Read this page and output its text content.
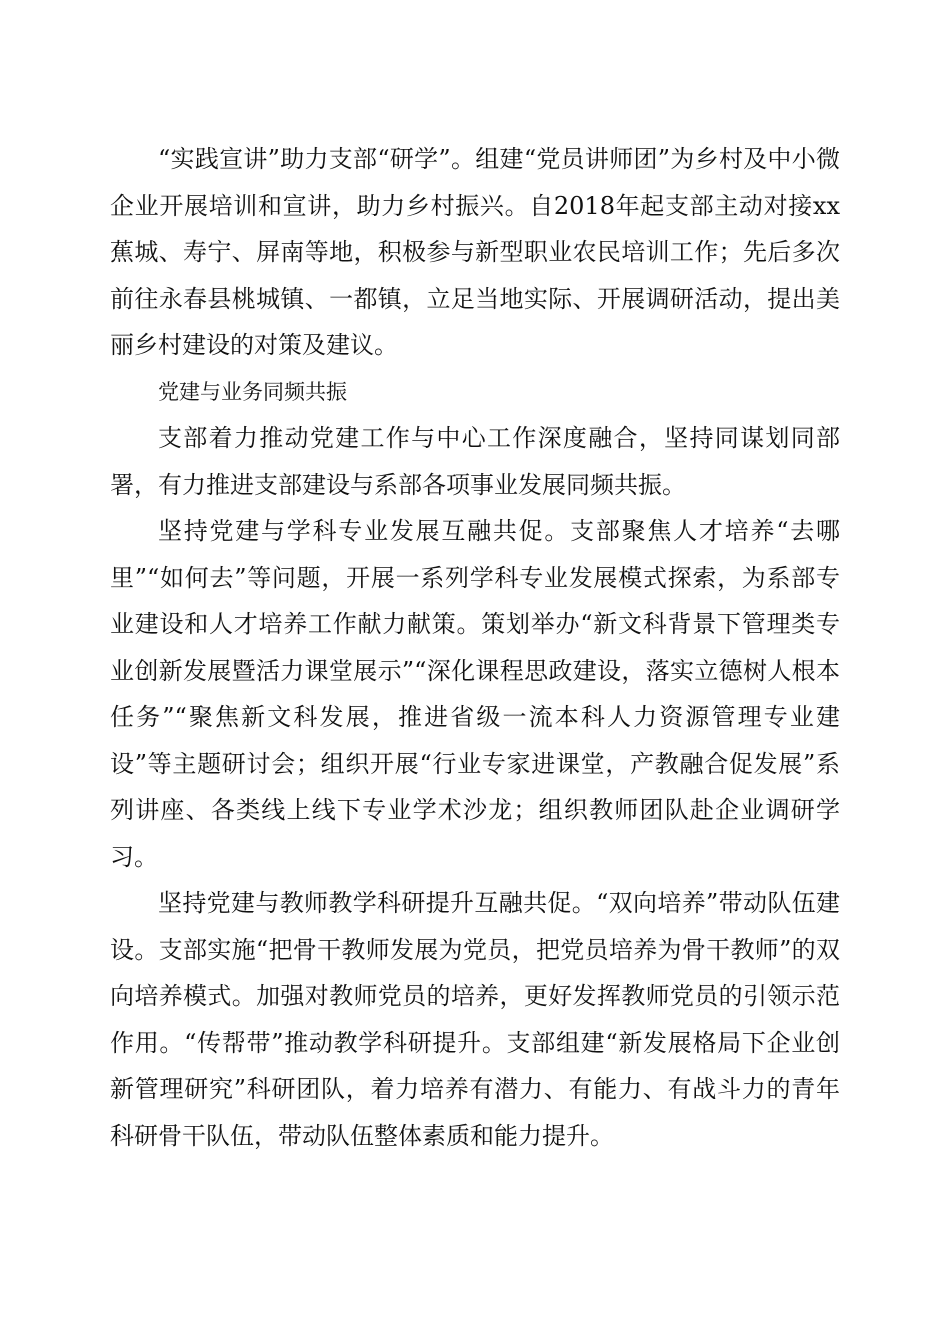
“实践宣讲”助力支部“研学”。组建“党员讲师团”为乡村及中小微企业开展培训和宣讲，助力乡村振兴。自2018年起支部主动对接xx蕉城、寿宁、屏南等地，积极参与新型职业农民培训工作；先后多次前往永春县桃城镇、一都镇，立足当地实际、开展调研活动，提出美丽乡村建设的对策及建议。

党建与业务同频共振

支部着力推动党建工作与中心工作深度融合，坚持同谋划同部署，有力推进支部建设与系部各项事业发展同频共振。

坚持党建与学科专业发展互融共促。支部聚焦人才培养“去哪里”“如何去”等问题，开展一系列学科专业发展模式探索，为系部专业建设和人才培养工作献力献策。策划举办“新文科背景下管理类专业创新发展暨活力课堂展示”“深化课程思政建设，落实立德树人根本任务”“聚焦新文科发展，推进省级一流本科人力资源管理专业建设”等主题研讨会；组织开展“行业专家进课堂，产教融合促发展”系列讲座、各类线上线下专业学术沙龙；组织教师团队赴企业调研学习。

坚持党建与教师教学科研提升互融共促。“双向培养”带动队伍建设。支部实施“把骨干教师发展为党员，把党员培养为骨干教师”的双向培养模式。加强对教师党员的培养，更好发挥教师党员的引领示范作用。“传帮带”推动教学科研提升。支部组建“新发展格局下企业创新管理研究”科研团队，着力培养有潜力、有能力、有战斗力的青年科研骨干队伍，带动队伍整体素质和能力提升。
